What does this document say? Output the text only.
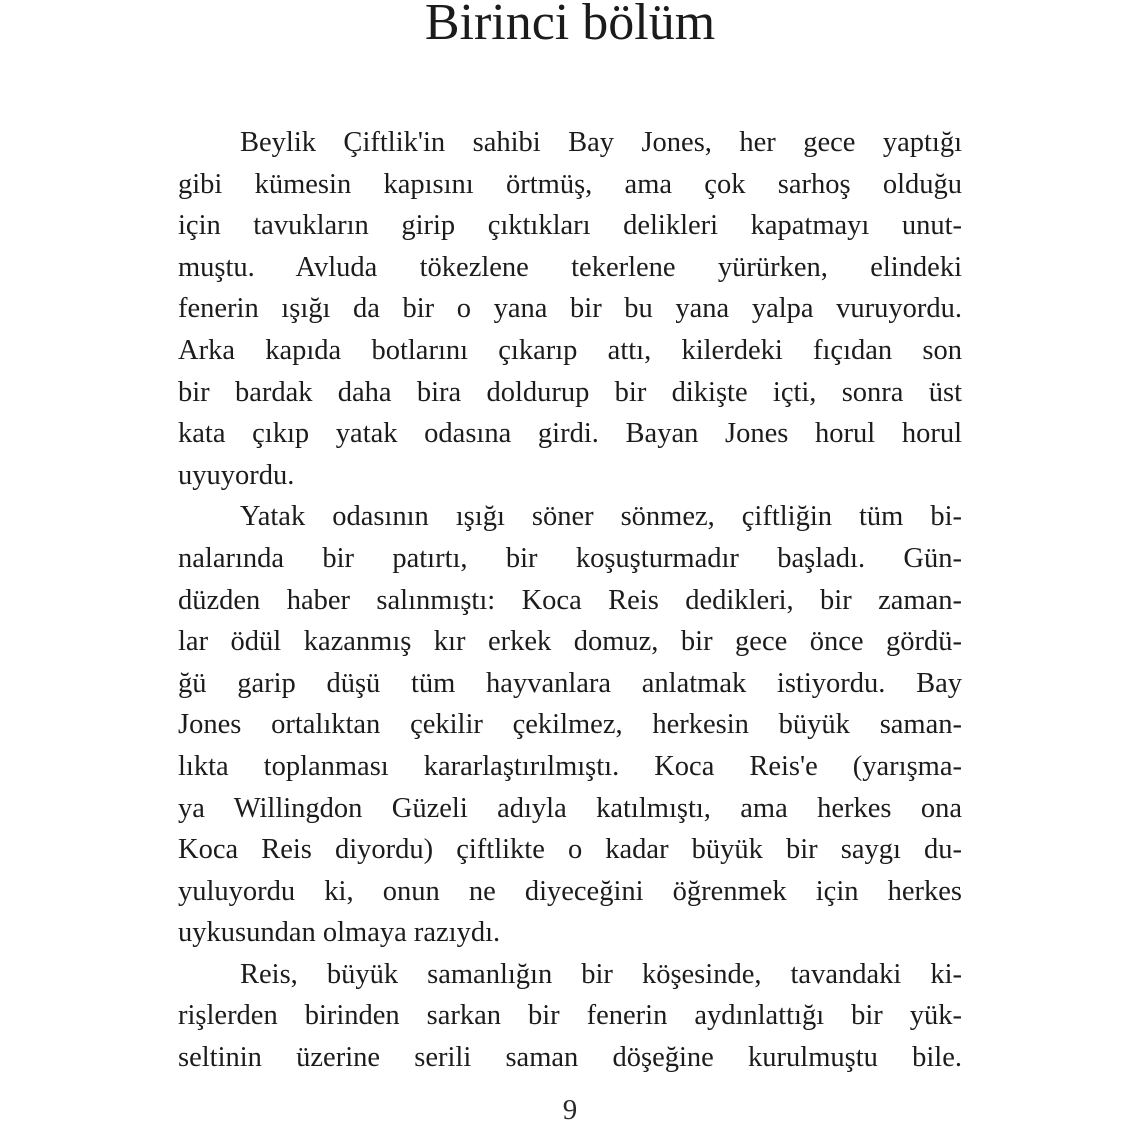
Birinci bölüm
Beylik Çiftlik'in sahibi Bay Jones, her gece yaptığı
gibi kümesin kapısını örtmüş, ama çok sarhoş olduğu
için tavukların girip çıktıkları delikleri kapatmayı unut-
muştu. Avluda tökezlene tekerlene yürürken, elindeki
fenerin ışığı da bir o yana bir bu yana yalpa vuruyordu.
Arka kapıda botlarını çıkarıp attı, kilerdeki fıçıdan son
bir bardak daha bira doldurup bir dikişte içti, sonra üst
kata çıkıp yatak odasına girdi. Bayan Jones horul horul
uyuyordu.
Yatak odasının ışığı söner sönmez, çiftliğin tüm bi-
nalarında bir patırtı, bir koşuşturmadır başladı. Gün-
düzden haber salınmıştı: Koca Reis dedikleri, bir zaman-
lar ödül kazanmış kır erkek domuz, bir gece önce gördü-
ğü garip düşü tüm hayvanlara anlatmak istiyordu. Bay
Jones ortalıktan çekilir çekilmez, herkesin büyük saman-
lıkta toplanması kararlaştırılmıştı. Koca Reis'e (yarışma-
ya Willingdon Güzeli adıyla katılmıştı, ama herkes ona
Koca Reis diyordu) çiftlikte o kadar büyük bir saygı du-
yuluyordu ki, onun ne diyeceğini öğrenmek için herkes
uykusundan olmaya razıydı.
Reis, büyük samanlığın bir köşesinde, tavandaki ki-
rişlerden birinden sarkan bir fenerin aydınlattığı bir yük-
seltinin üzerine serili saman döşeğine kurulmuştu bile.
9
